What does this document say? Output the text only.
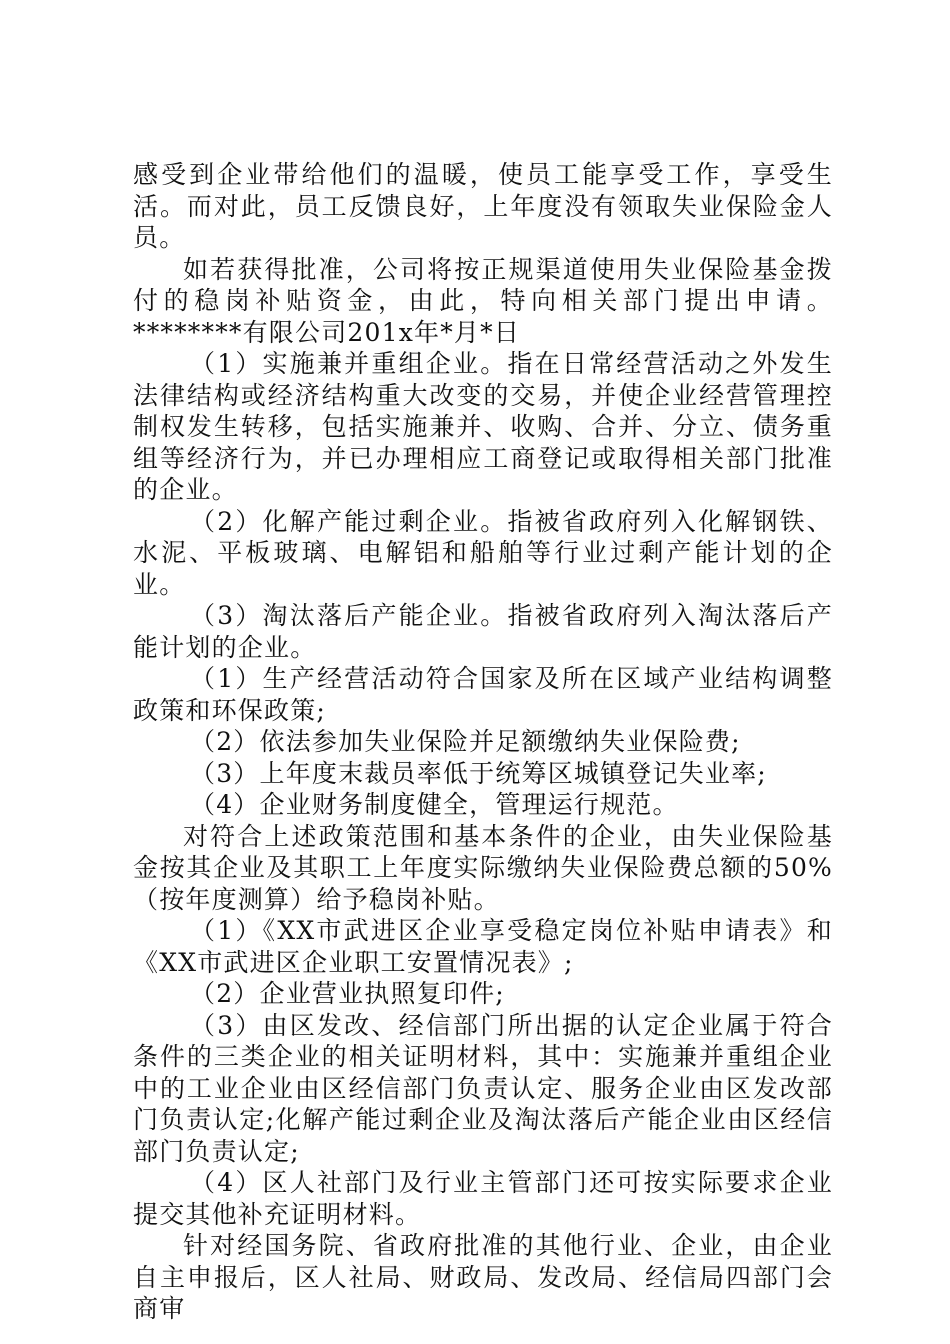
感受到企业带给他们的温暖，使员工能享受工作，享受生活。而对此，员工反馈良好，上年度没有领取失业保险金人员。

如若获得批准，公司将按正规渠道使用失业保险基金拨付的稳岗补贴资金，由此，特向相关部门提出申请。********有限公司201x年*月*日

（1）实施兼并重组企业。指在日常经营活动之外发生法律结构或经济结构重大改变的交易，并使企业经营管理控制权发生转移，包括实施兼并、收购、合并、分立、债务重组等经济行为，并已办理相应工商登记或取得相关部门批准的企业。

（2）化解产能过剩企业。指被省政府列入化解钢铁、水泥、平板玻璃、电解铝和船舶等行业过剩产能计划的企业。

（3）淘汰落后产能企业。指被省政府列入淘汰落后产能计划的企业。

（1）生产经营活动符合国家及所在区域产业结构调整政策和环保政策;

（2）依法参加失业保险并足额缴纳失业保险费;

（3）上年度末裁员率低于统筹区城镇登记失业率;

（4）企业财务制度健全，管理运行规范。

对符合上述政策范围和基本条件的企业，由失业保险基金按其企业及其职工上年度实际缴纳失业保险费总额的50%（按年度测算）给予稳岗补贴。

（1）《XX市武进区企业享受稳定岗位补贴申请表》和《XX市武进区企业职工安置情况表》;

（2）企业营业执照复印件;

（3）由区发改、经信部门所出据的认定企业属于符合条件的三类企业的相关证明材料，其中：实施兼并重组企业中的工业企业由区经信部门负责认定、服务企业由区发改部门负责认定;化解产能过剩企业及淘汰落后产能企业由区经信部门负责认定;

（4）区人社部门及行业主管部门还可按实际要求企业提交其他补充证明材料。

针对经国务院、省政府批准的其他行业、企业，由企业自主申报后，区人社局、财政局、发改局、经信局四部门会商审
